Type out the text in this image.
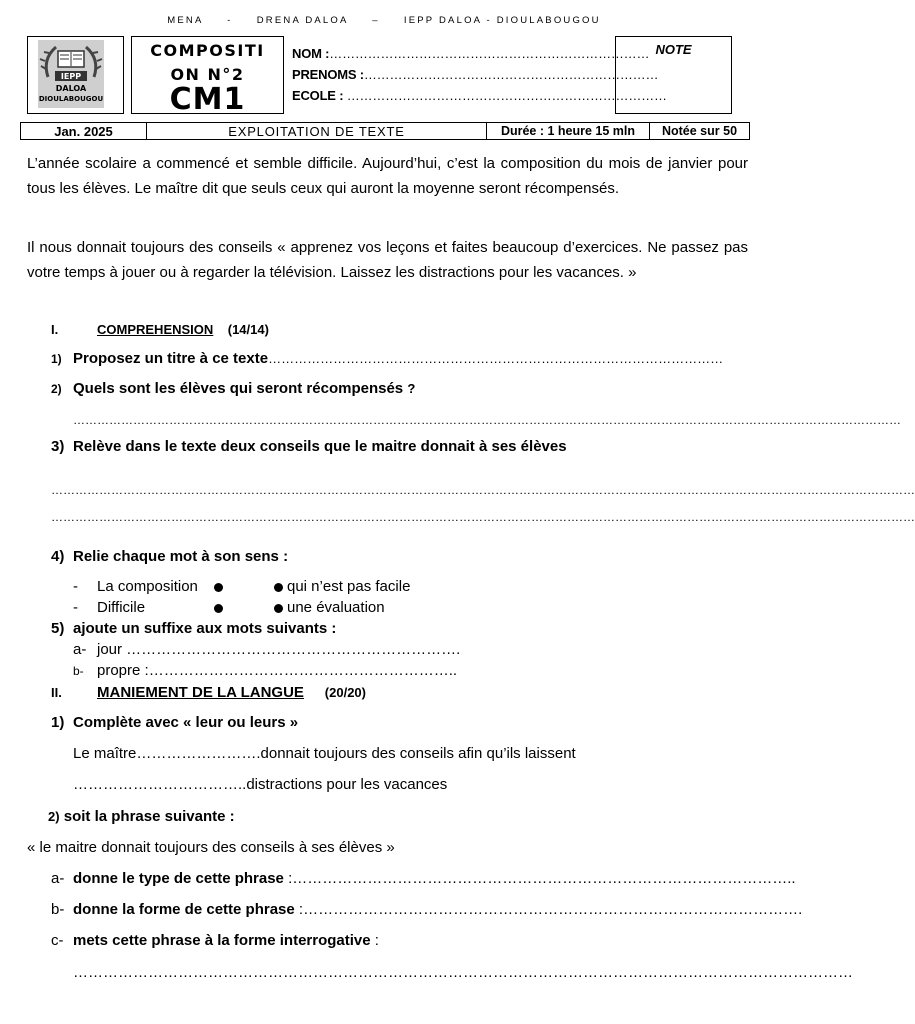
MENA     -     DRENA DALOA     –     IEPP DALOA - DIOULABOUGOU
IEPP
DALOA
DIOULABOUGOU
COMPOSITI
ON N°2
CM1
NOM :…………………………………………………………………
PRENOMS :……………………………………………………………
ECOLE : …………………………………………………………………
NOTE
Jan. 2025	EXPLOITATION DE TEXTE	Durée : 1 heure 15 mln	Notée sur 50

L’année scolaire a commencé et semble difficile. Aujourd’hui, c’est la composition du mois de janvier pour tous les élèves. Le maître dit que seuls ceux qui auront la moyenne seront récompensés.

Il nous donnait toujours des conseils « apprenez vos leçons et faites beaucoup d’exercices. Ne passez pas votre temps à jouer ou à regarder la télévision. Laissez les distractions pour les vacances. »

I.	COMPREHENSION (14/14)
1) Proposez un titre à ce texte……………………………………………………………………………………………
2) Quels sont les élèves qui seront récompensés ?
………………………………………………………………………………………………………………………………………………………………………………………
3) Relève dans le texte deux conseils que le maitre donnait à ses élèves
………………………………………………………………………………………………………………………………………………………………………………………………
………………………………………………………………………………………………………………………………………………………………………………………………
4) Relie chaque mot à son sens :
- La composition	qui n’est pas facile
- Difficile	une évaluation
5) ajoute un suffixe aux mots suivants :
a- jour ………………………………………………………….
b- propre :……………………………………………………..
II. MANIEMENT DE LA LANGUE (20/20)
1) Complète avec « leur ou leurs »
Le maître…………………….donnait toujours des conseils afin qu’ils laissent
……………………………..distractions pour les vacances
2) soit la phrase suivante :
« le maitre donnait toujours des conseils à ses élèves »
a- donne le type de cette phrase :………………………………………………………………………………………..
b- donne la forme de cette phrase :……………………………………………………………………………………….
c- mets cette phrase à la forme interrogative :
…………………………………………………………………………………………………………………………………………
